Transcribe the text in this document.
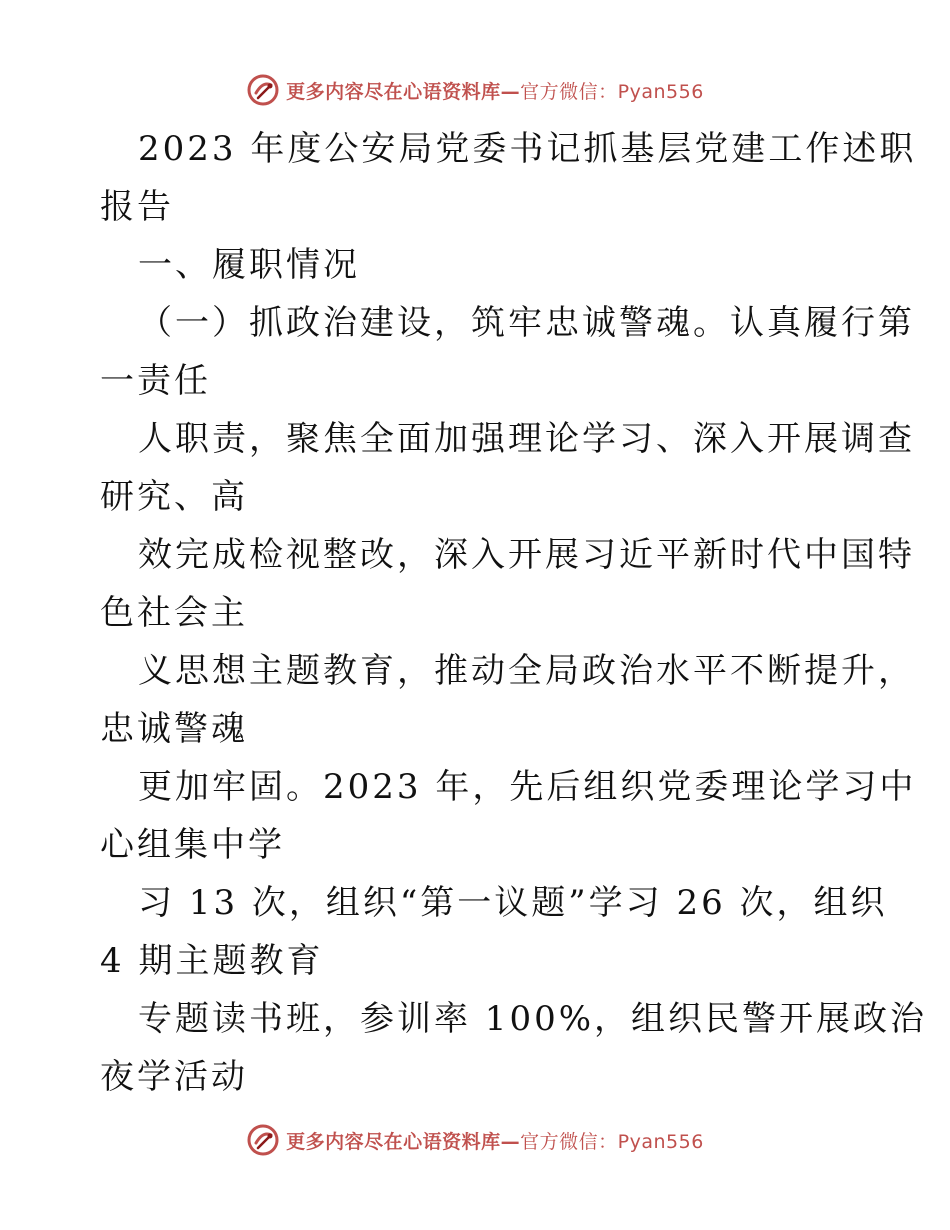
更多内容尽在心语资料库—官方微信：Pyan556
2023 年度公安局党委书记抓基层党建工作述职
报告
一、履职情况
（一）抓政治建设，筑牢忠诚警魂。认真履行第
一责任
人职责，聚焦全面加强理论学习、深入开展调查
研究、高
效完成检视整改，深入开展习近平新时代中国特
色社会主
义思想主题教育，推动全局政治水平不断提升，
忠诚警魂
更加牢固。2023 年，先后组织党委理论学习中
心组集中学
习 13 次，组织“第一议题”学习 26 次，组织
4 期主题教育
专题读书班，参训率 100%，组织民警开展政治
夜学活动
更多内容尽在心语资料库—官方微信：Pyan556
